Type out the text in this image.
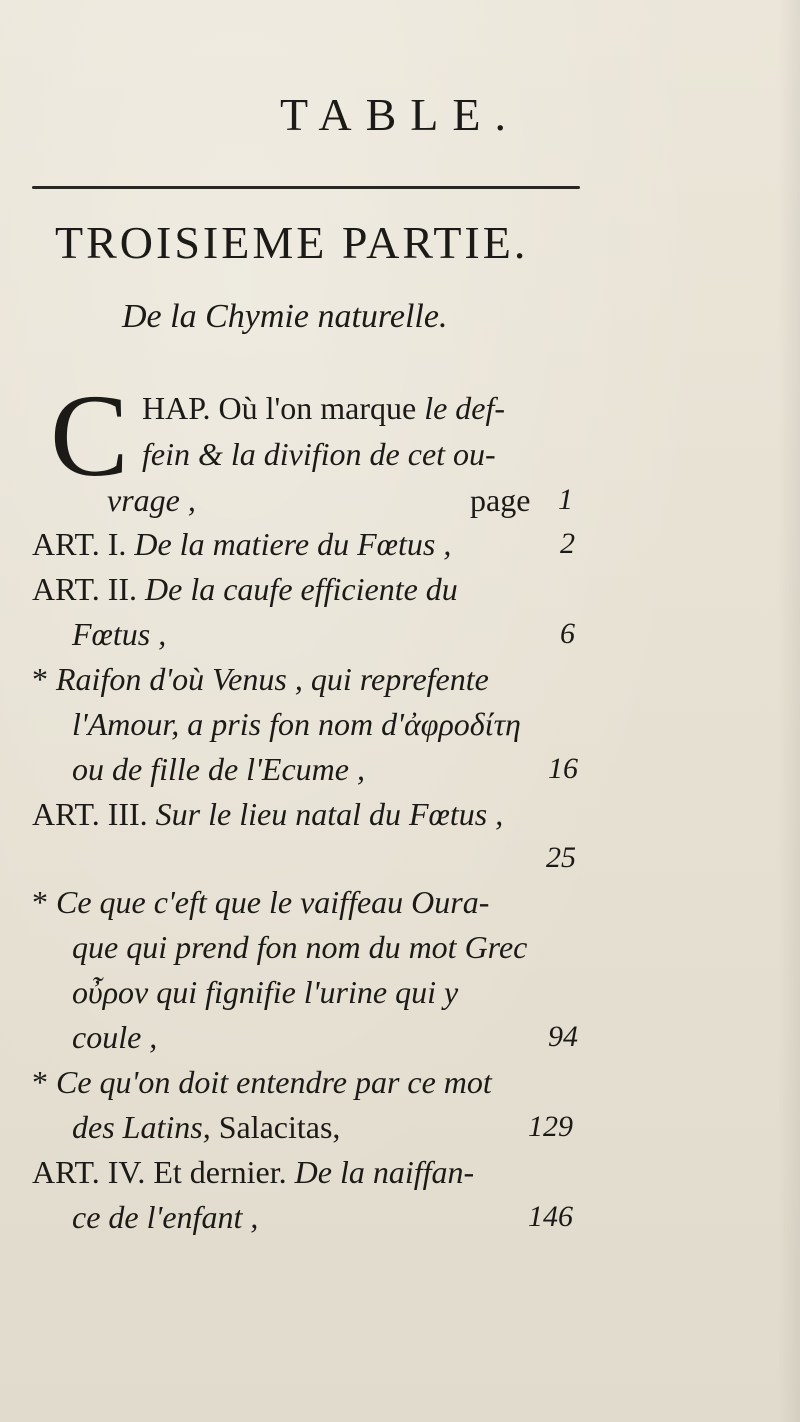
TABLE.
TROISIEME PARTIE.
De la Chymie naturelle.
C HAP. Où l'on marque le def-
fein & la divifion de cet ou-
vrage ,	page 1
ART. I. De la matiere du Fœtus ,	2
ART. II. De la caufe efficiente du
Fœtus ,	6
* Raifon d'où Venus , qui reprefente
l'Amour, a pris fon nom d'ἀφροδίτη
ou de fille de l'Ecume ,	16
ART. III. Sur le lieu natal du Fœtus ,
25
* Ce que c'eft que le vaiffeau Oura-
que qui prend fon nom du mot Grec
οὖρον qui fignifie l'urine qui y
coule ,	94
* Ce qu'on doit entendre par ce mot
des Latins, Salacitas,	129
ART. IV. Et dernier. De la naiffan-
ce de l'enfant ,	146
